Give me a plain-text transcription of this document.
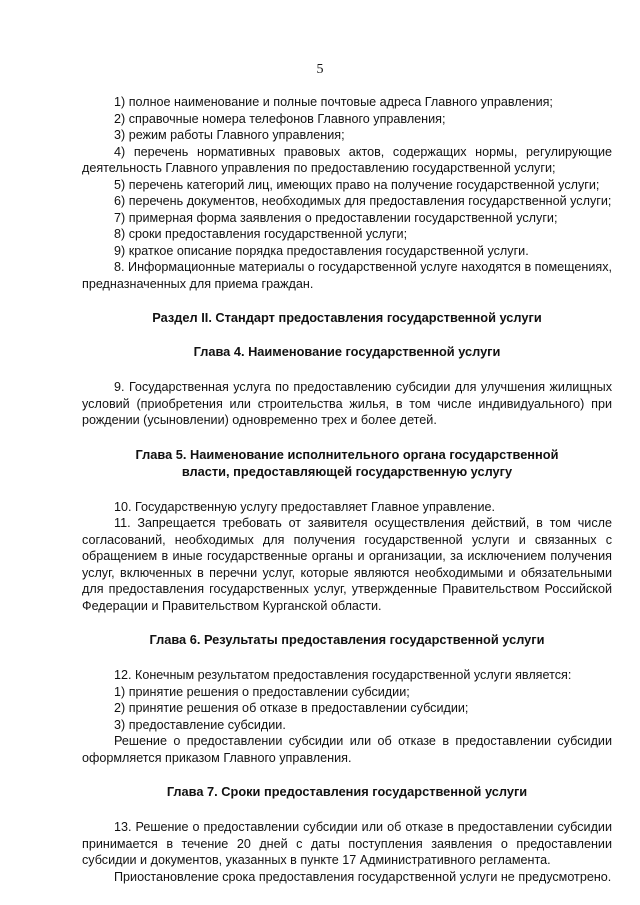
5

1) полное наименование и полные почтовые адреса Главного управления;

2) справочные номера телефонов Главного управления;

3) режим работы Главного управления;

4) перечень нормативных правовых актов, содержащих нормы, регулирующие деятельность Главного управления по предоставлению государственной услуги;

5) перечень категорий лиц, имеющих право на получение государственной услуги;

6) перечень документов, необходимых для предоставления государственной услуги;

7) примерная форма заявления о предоставлении государственной услуги;

8) сроки предоставления государственной услуги;

9) краткое описание порядка предоставления государственной услуги.

8. Информационные материалы о государственной услуге находятся в помещениях, предназначенных для приема граждан.

Раздел II. Стандарт предоставления государственной услуги

Глава 4. Наименование государственной услуги

9. Государственная услуга по предоставлению субсидии для улучшения жилищных условий (приобретения или строительства жилья, в том числе индивидуального) при рождении (усыновлении) одновременно трех и более детей.

Глава 5. Наименование исполнительного органа государственной

власти, предоставляющей государственную услугу

10. Государственную услугу предоставляет Главное управление.

11. Запрещается требовать от заявителя осуществления действий, в том числе согласований, необходимых для получения государственной услуги и связанных с обращением в иные государственные органы и организации, за исключением получения услуг, включенных в перечни услуг, которые являются необходимыми и обязательными для предоставления государственных услуг, утвержденные Правительством Российской Федерации и Правительством Курганской области.

Глава 6. Результаты предоставления государственной услуги

12. Конечным результатом предоставления государственной услуги является:

1) принятие решения о предоставлении субсидии;

2) принятие решения об отказе в предоставлении субсидии;

3) предоставление субсидии.

Решение о предоставлении субсидии или об отказе в предоставлении субсидии оформляется приказом Главного управления.

Глава 7. Сроки предоставления государственной услуги

13. Решение о предоставлении субсидии или об отказе в предоставлении субсидии принимается в течение 20 дней с даты поступления заявления о предоставлении субсидии и документов, указанных в пункте 17 Административного регламента.

Приостановление срока предоставления государственной услуги не предусмотрено.
